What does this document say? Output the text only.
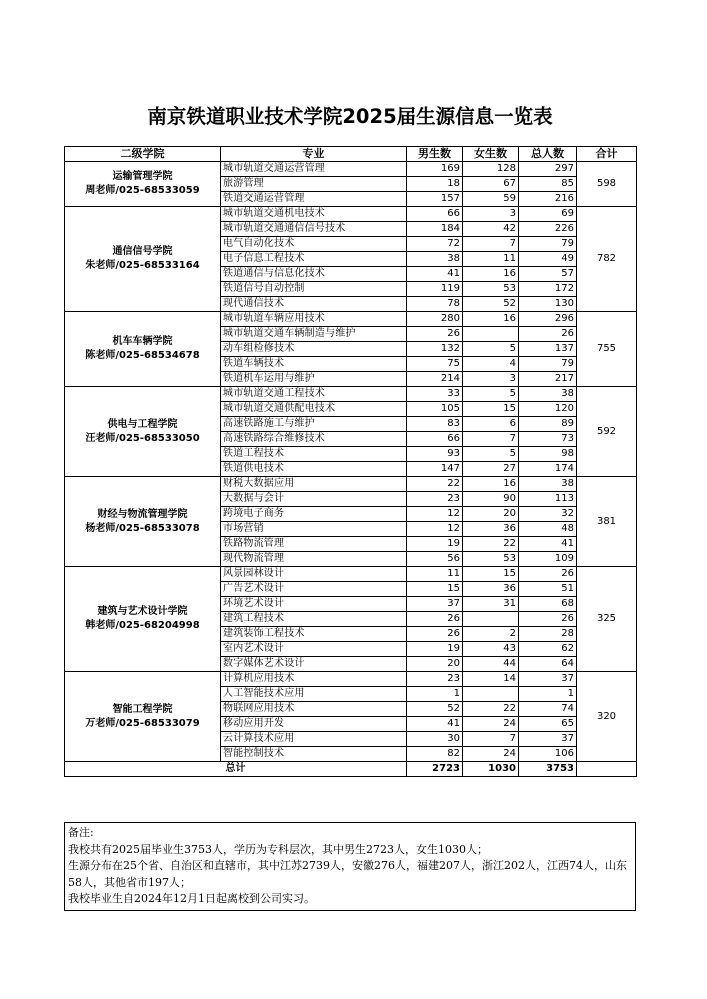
南京铁道职业技术学院2025届生源信息一览表
二级学院	专业	男生数	女生数	总人数	合计

运输管理学院
周老师/025-68533059	城市轨道交通运营管理	169	128	297	598
	旅游管理	18	67	85	
	铁道交通运营管理	157	59	216	

通信信号学院
朱老师/025-68533164	城市轨道交通机电技术	66	3	69	782
	城市轨道交通通信信号技术	184	42	226	
	电气自动化技术	72	7	79	
	电子信息工程技术	38	11	49	
	铁道通信与信息化技术	41	16	57	
	铁道信号自动控制	119	53	172	
	现代通信技术	78	52	130	

机车车辆学院
陈老师/025-68534678	城市轨道车辆应用技术	280	16	296	755
	城市轨道交通车辆制造与维护	26		26	
	动车组检修技术	132	5	137	
	铁道车辆技术	75	4	79	
	铁道机车运用与维护	214	3	217	

供电与工程学院
汪老师/025-68533050	城市轨道交通工程技术	33	5	38	592
	城市轨道交通供配电技术	105	15	120	
	高速铁路施工与维护	83	6	89	
	高速铁路综合维修技术	66	7	73	
	铁道工程技术	93	5	98	
	铁道供电技术	147	27	174	

财经与物流管理学院
杨老师/025-68533078	财税大数据应用	22	16	38	381
	大数据与会计	23	90	113	
	跨境电子商务	12	20	32	
	市场营销	12	36	48	
	铁路物流管理	19	22	41	
	现代物流管理	56	53	109	

建筑与艺术设计学院
韩老师/025-68204998	风景园林设计	11	15	26	325
	广告艺术设计	15	36	51	
	环境艺术设计	37	31	68	
	建筑工程技术	26		26	
	建筑装饰工程技术	26	2	28	
	室内艺术设计	19	43	62	
	数字媒体艺术设计	20	44	64	

智能工程学院
万老师/025-68533079	计算机应用技术	23	14	37	320
	人工智能技术应用	1		1	
	物联网应用技术	52	22	74	
	移动应用开发	41	24	65	
	云计算技术应用	30	7	37	
	智能控制技术	82	24	106	
总计		2723	1030	3753	
备注:
我校共有2025届毕业生3753人，学历为专科层次，其中男生2723人，女生1030人；
生源分布在25个省、自治区和直辖市，其中江苏2739人，安徽276人，福建207人，浙江202人，江西74人，山东58人，其他省市197人；
我校毕业生自2024年12月1日起离校到公司实习。
